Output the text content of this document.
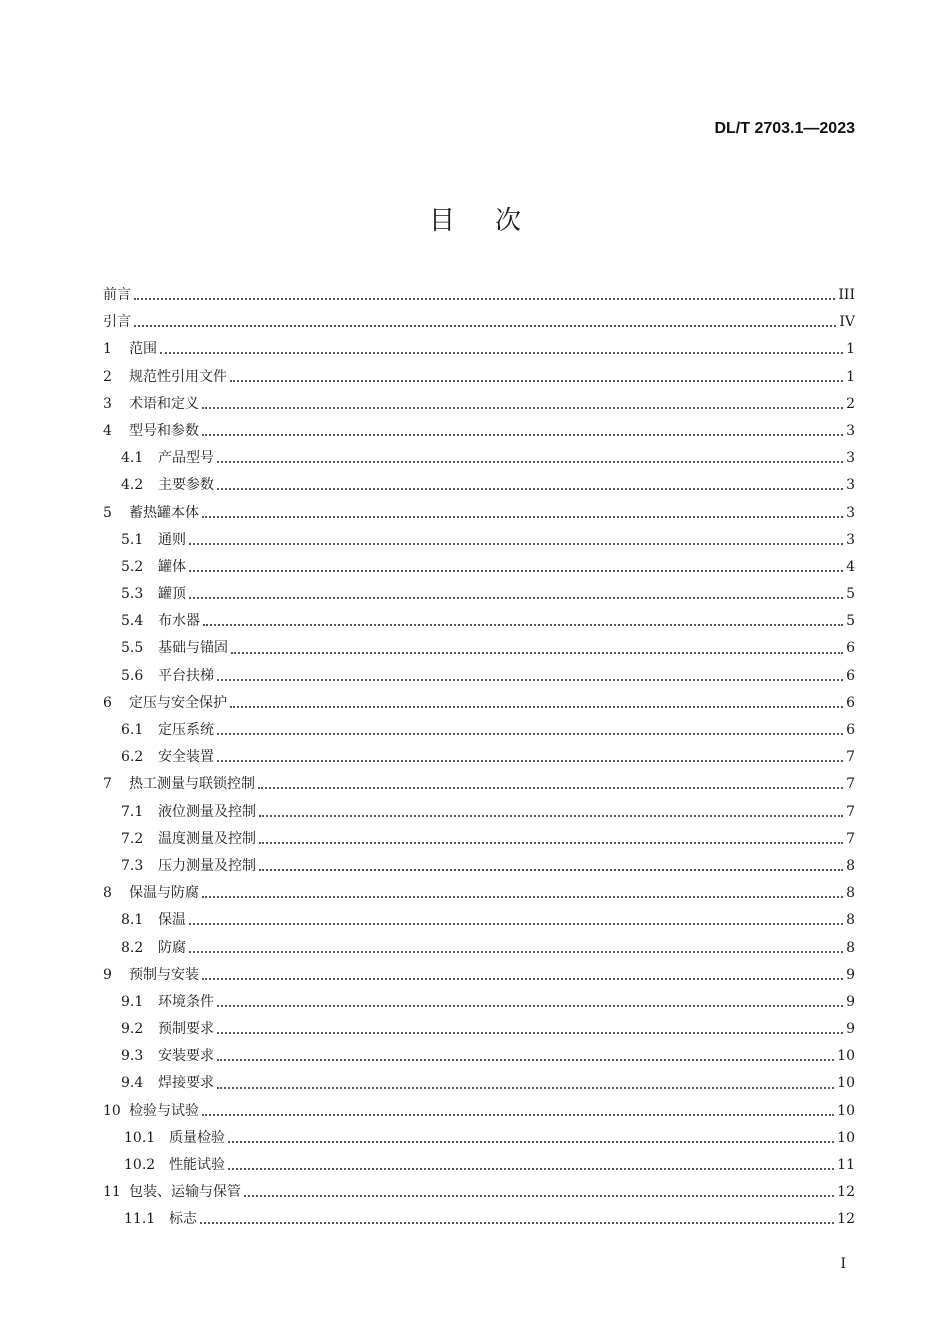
DL/T 2703.1—2023
目次
前言	III
引言	IV
1	范围	1
2	规范性引用文件	1
3	术语和定义	2
4	型号和参数	3
4.1	产品型号	3
4.2	主要参数	3
5	蓄热罐本体	3
5.1	通则	3
5.2	罐体	4
5.3	罐顶	5
5.4	布水器	5
5.5	基础与锚固	6
5.6	平台扶梯	6
6	定压与安全保护	6
6.1	定压系统	6
6.2	安全装置	7
7	热工测量与联锁控制	7
7.1	液位测量及控制	7
7.2	温度测量及控制	7
7.3	压力测量及控制	8
8	保温与防腐	8
8.1	保温	8
8.2	防腐	8
9	预制与安装	9
9.1	环境条件	9
9.2	预制要求	9
9.3	安装要求	10
9.4	焊接要求	10
10 检验与试验	10
10.1 质量检验	10
10.2 性能试验	11
11 包装、运输与保管	12
11.1 标志	12
I
